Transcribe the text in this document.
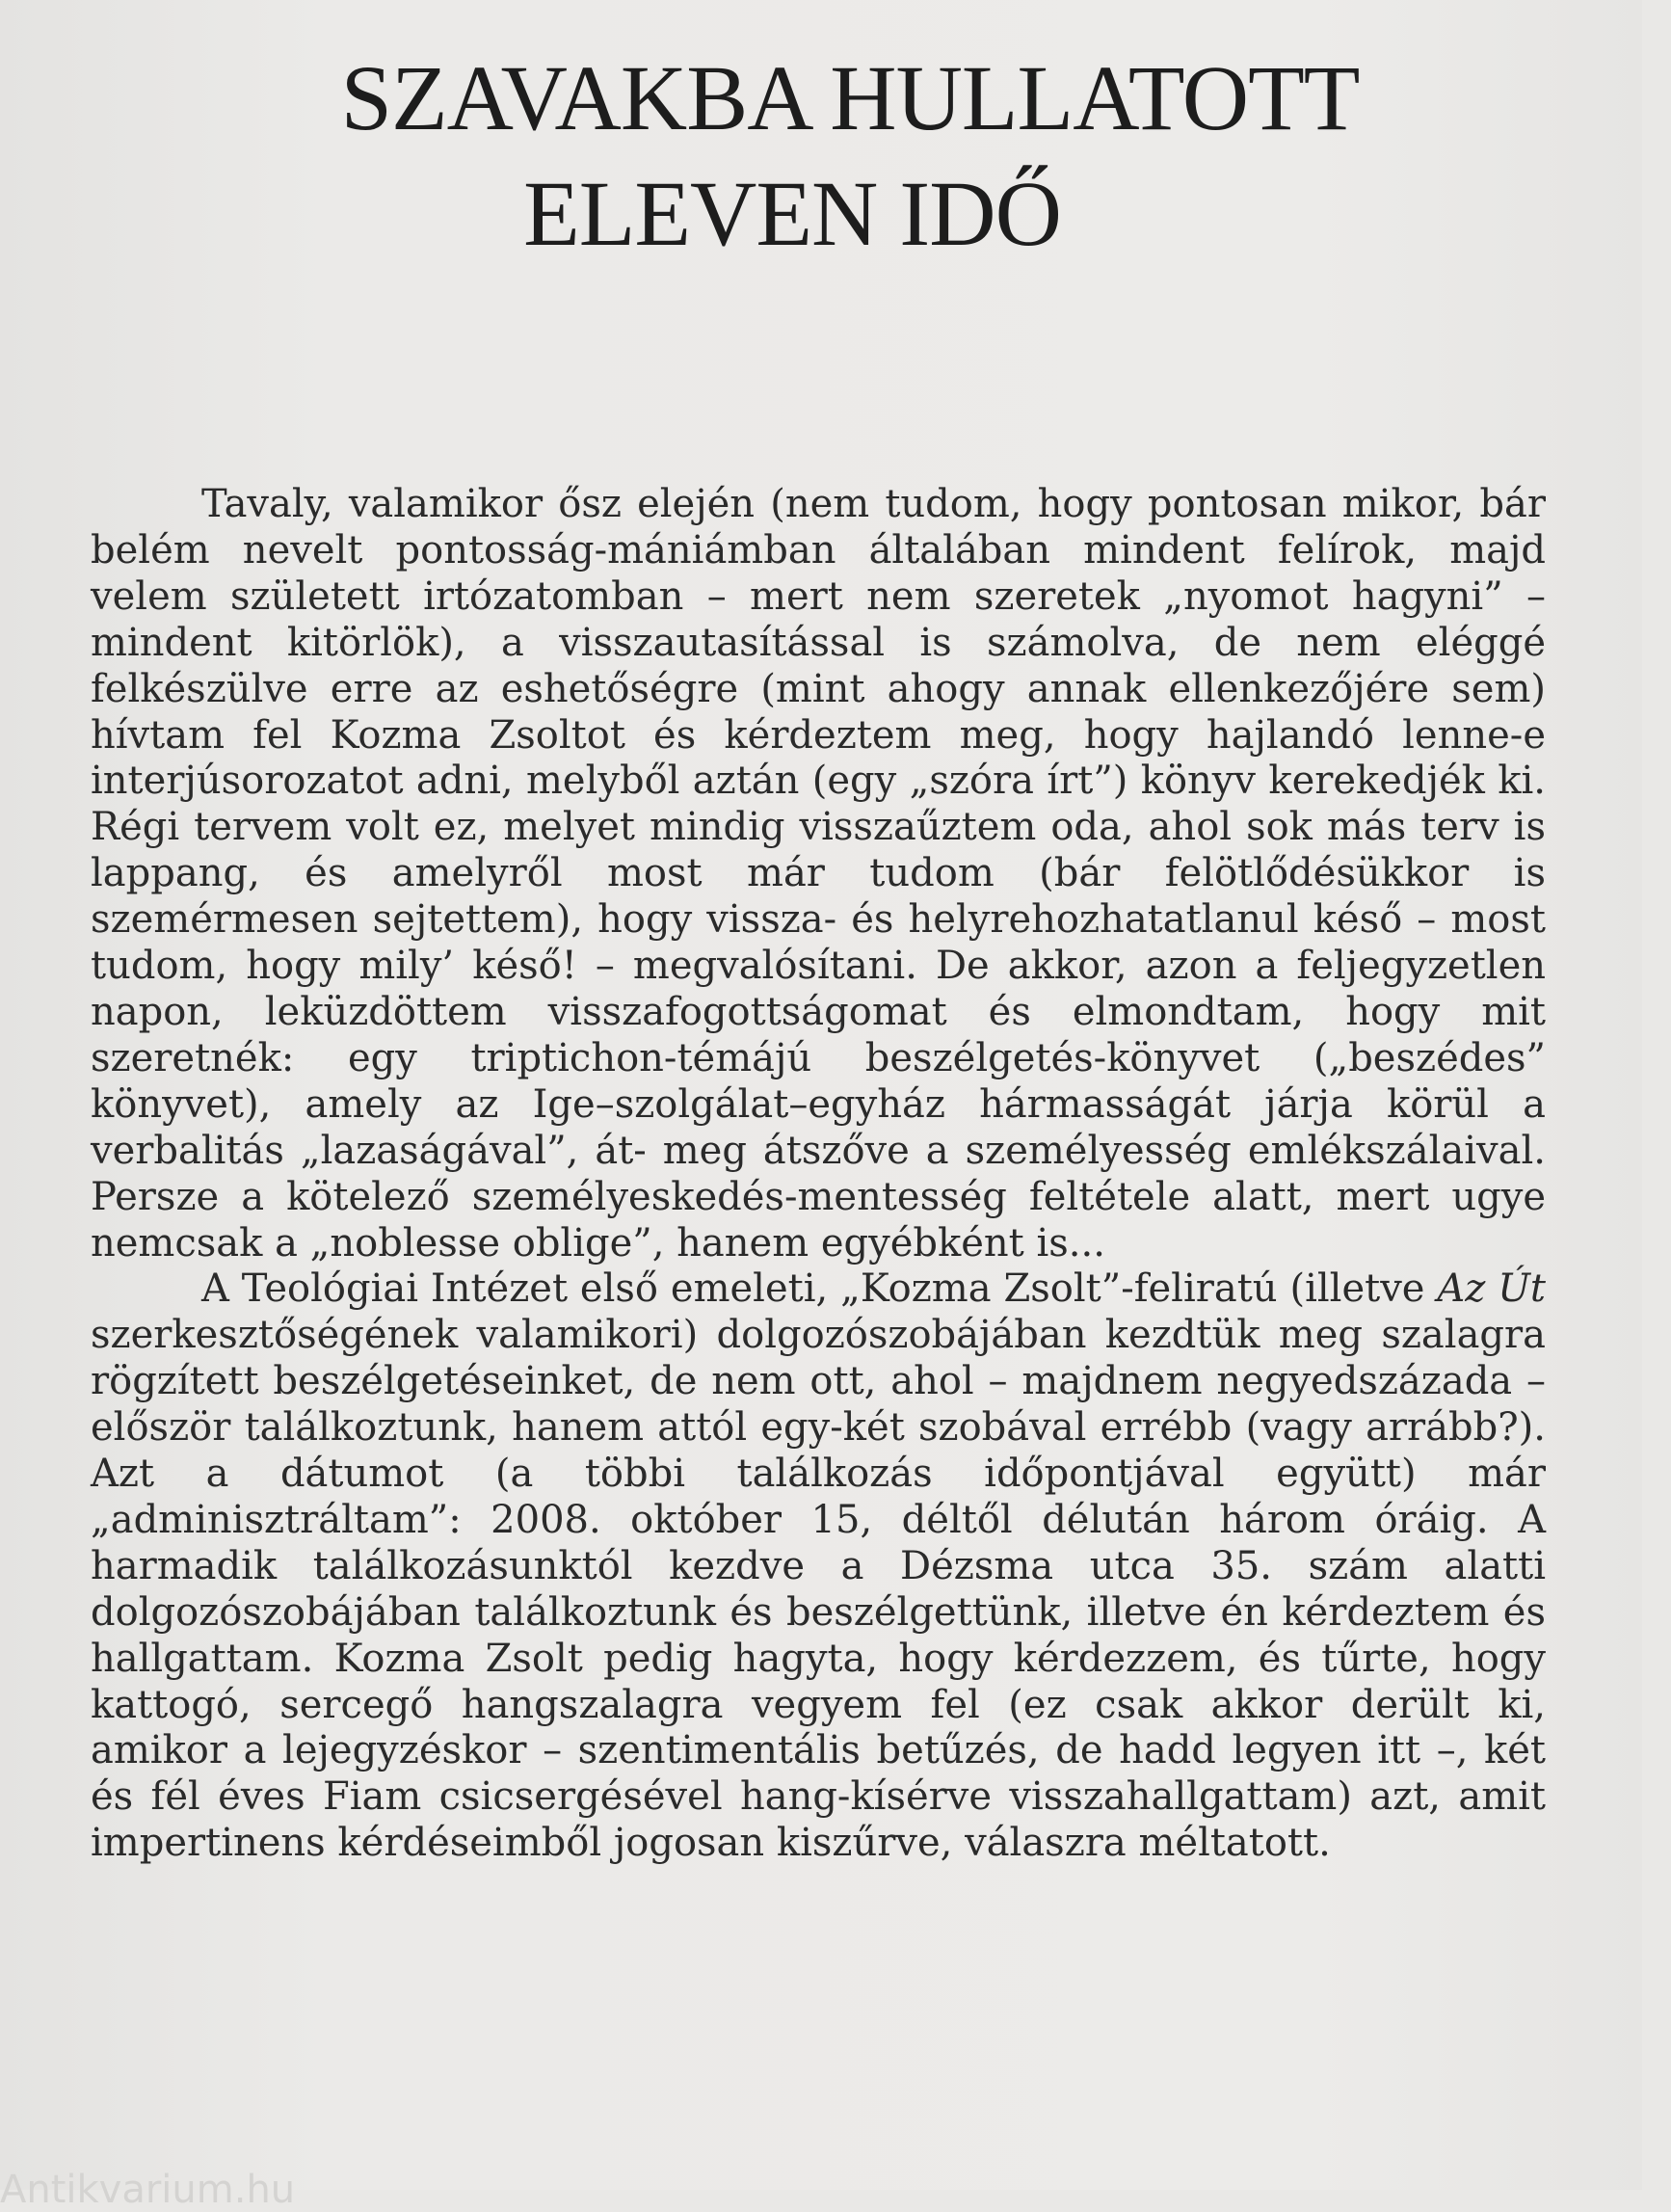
SZAVAKBA HULLATOTT
ELEVEN IDŐ

Tavaly, valamikor ősz elején (nem tudom, hogy pontosan mikor, bár belém nevelt pontosság-mániámban általában mindent felírok, majd velem született irtózatomban – mert nem szeretek „nyomot hagyni” – mindent kitörlök), a visszautasítással is számolva, de nem eléggé felkészülve erre az eshetőségre (mint ahogy annak ellenkezőjére sem) hívtam fel Kozma Zsoltot és kérdeztem meg, hogy hajlandó lenne-e interjúsorozatot adni, melyből aztán (egy „szóra írt”) könyv kerekedjék ki. Régi tervem volt ez, melyet mindig visszaűztem oda, ahol sok más terv is lappang, és amelyről most már tudom (bár felötlődésükkor is szemérmesen sejtettem), hogy vissza- és helyrehozhatatlanul késő – most tudom, hogy mily’ késő! – megvalósítani. De akkor, azon a feljegyzetlen napon, leküzdöttem visszafogottságomat és elmondtam, hogy mit szeretnék: egy triptichon-témájú beszélgetés-könyvet („beszédes” könyvet), amely az Ige–szolgálat–egyház hármasságát járja körül a verbalitás „lazaságával”, át- meg átszőve a személyesség emlékszálaival. Persze a kötelező személyeskedés-mentesség feltétele alatt, mert ugye nemcsak a „noblesse oblige”, hanem egyébként is...

A Teológiai Intézet első emeleti, „Kozma Zsolt”-feliratú (illetve Az Út szerkesztőségének valamikori) dolgozószobájában kezdtük meg szalagra rögzített beszélgetéseinket, de nem ott, ahol – majdnem negyedszázada – először találkoztunk, hanem attól egy-két szobával errébb (vagy arrább?). Azt a dátumot (a többi találkozás időpontjával együtt) már „adminisztráltam”: 2008. október 15, déltől délután három óráig. A harmadik találkozásunktól kezdve a Dézsma utca 35. szám alatti dolgozószobájában találkoztunk és beszélgettünk, illetve én kérdeztem és hallgattam. Kozma Zsolt pedig hagyta, hogy kérdezzem, és tűrte, hogy kattogó, sercegő hangszalagra vegyem fel (ez csak akkor derült ki, amikor a lejegyzéskor – szentimentális betűzés, de hadd legyen itt –, két és fél éves Fiam csicsergésével hang-kísérve visszahallgattam) azt, amit impertinens kérdéseimből jogosan kiszűrve, válaszra méltatott.

Antikvarium.hu
